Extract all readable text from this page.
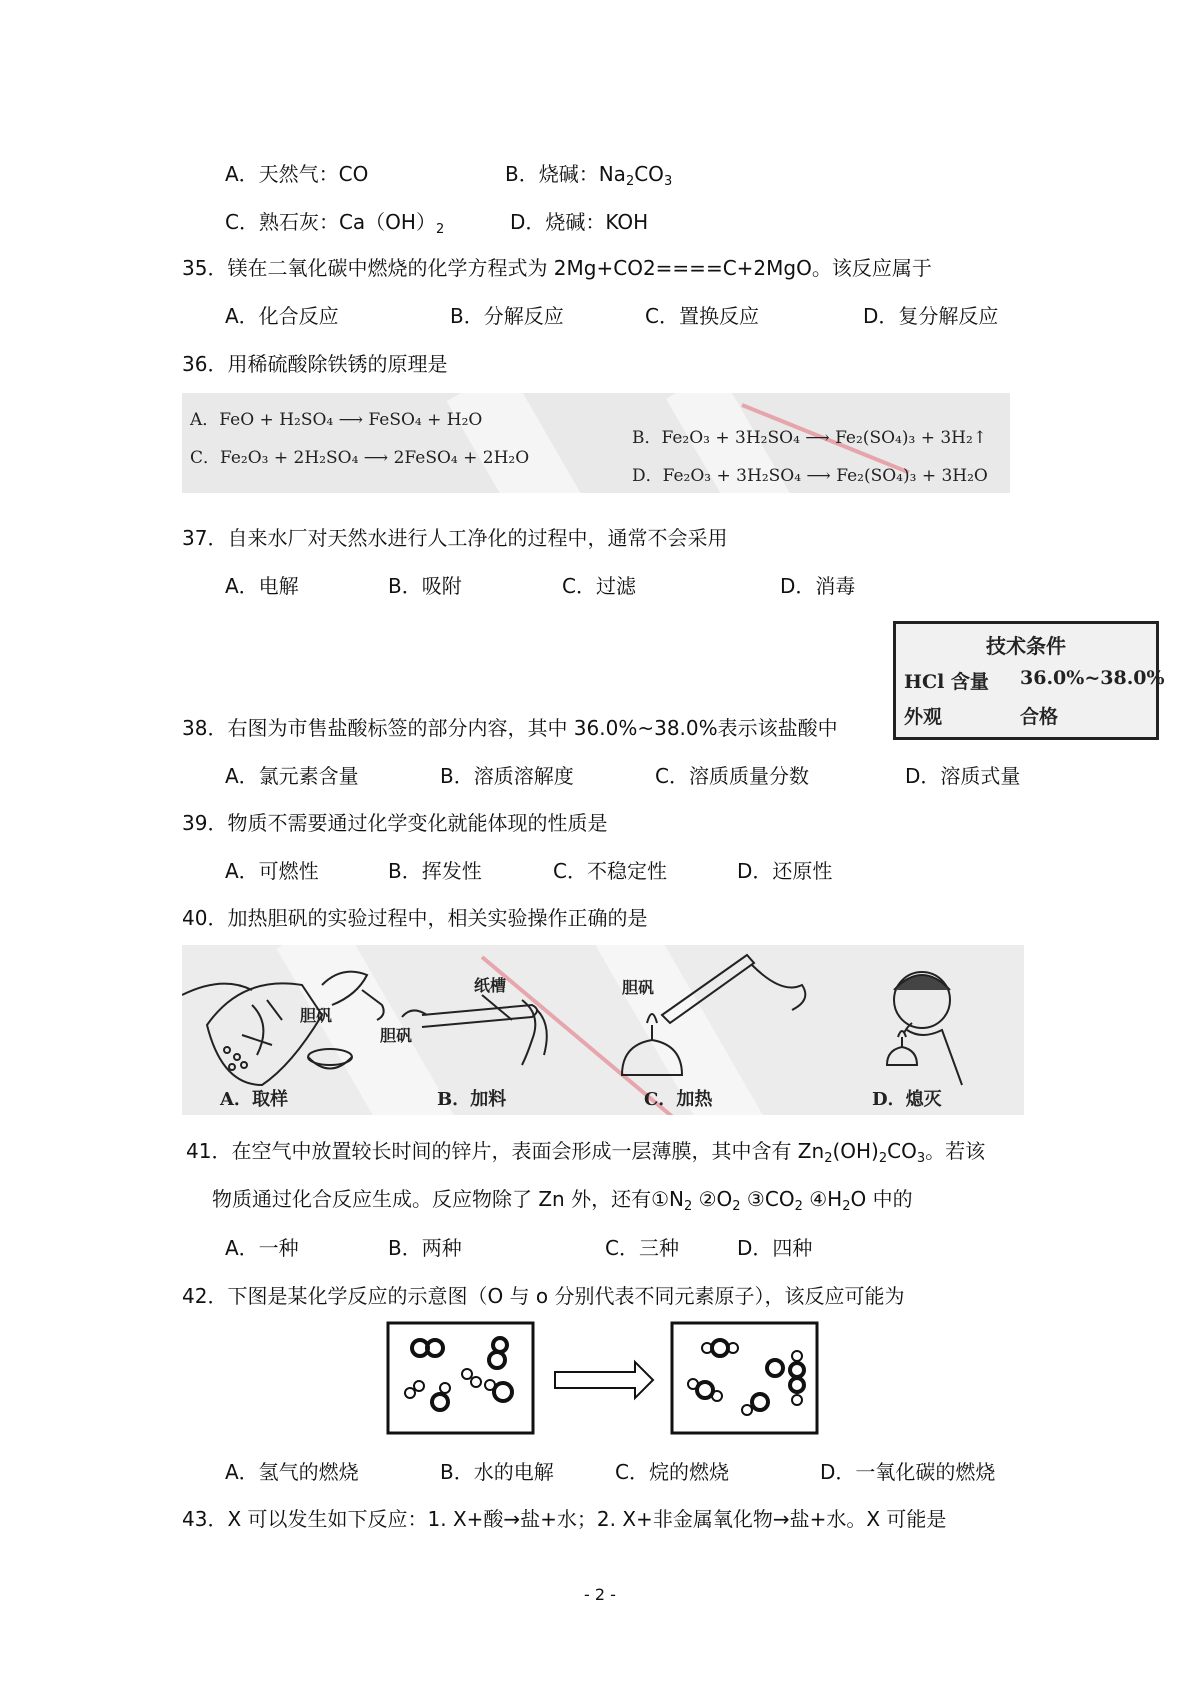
A．天然气：CO	B．烧碱：$Na_2CO_3$
C．熟石灰：$Ca(OH)_2$	D．烧碱：KOH
35．镁在二氧化碳中燃烧的化学方程式为 2Mg+CO2====C+2MgO。该反应属于
A．化合反应	B．分解反应	C．置换反应	D．复分解反应
36．用稀硫酸除铁锈的原理是
A．FeO + H₂SO₄ ⟶ FeSO₄ + H₂O
C．Fe₂O₃ + 2H₂SO₄ ⟶ 2FeSO₄ + 2H₂O
B．Fe₂O₃ + 3H₂SO₄ ⟶ Fe₂(SO₄)₃ + 3H₂↑
D．Fe₂O₃ + 3H₂SO₄ ⟶ Fe₂(SO₄)₃ + 3H₂O
37．自来水厂对天然水进行人工净化的过程中，通常不会采用
A．电解	B．吸附	C．过滤	D．消毒
技术条件
HCl 含量 36.0%~38.0%
外观	合格
38．右图为市售盐酸标签的部分内容，其中 36.0%~38.0%表示该盐酸中
A．氯元素含量	B．溶质溶解度	C．溶质质量分数	D．溶质式量
39．物质不需要通过化学变化就能体现的性质是
A．可燃性	B．挥发性	C．不稳定性	D．还原性
40．加热胆矾的实验过程中，相关实验操作正确的是
胆矾
纸槽
胆矾
胆矾
A．取样	B．加料	C．加热	D．熄灭
41．在空气中放置较长时间的锌片，表面会形成一层薄膜，其中含有 $Zn_2(OH)_2CO_3$。若该
物质通过化合反应生成。反应物除了 Zn 外，还有$①N_2$ $②O_2$ $③CO_2$ $④H_2O$ 中的
A．一种	B．两种	C．三种	D．四种
42．下图是某化学反应的示意图（O 与 o 分别代表不同元素原子），该反应可能为
A．氢气的燃烧	B．水的电解	C．烷的燃烧	D．一氧化碳的燃烧
43．X 可以发生如下反应：1. X+酸→盐+水；2. X+非金属氧化物→盐+水。X 可能是
- 2 -
